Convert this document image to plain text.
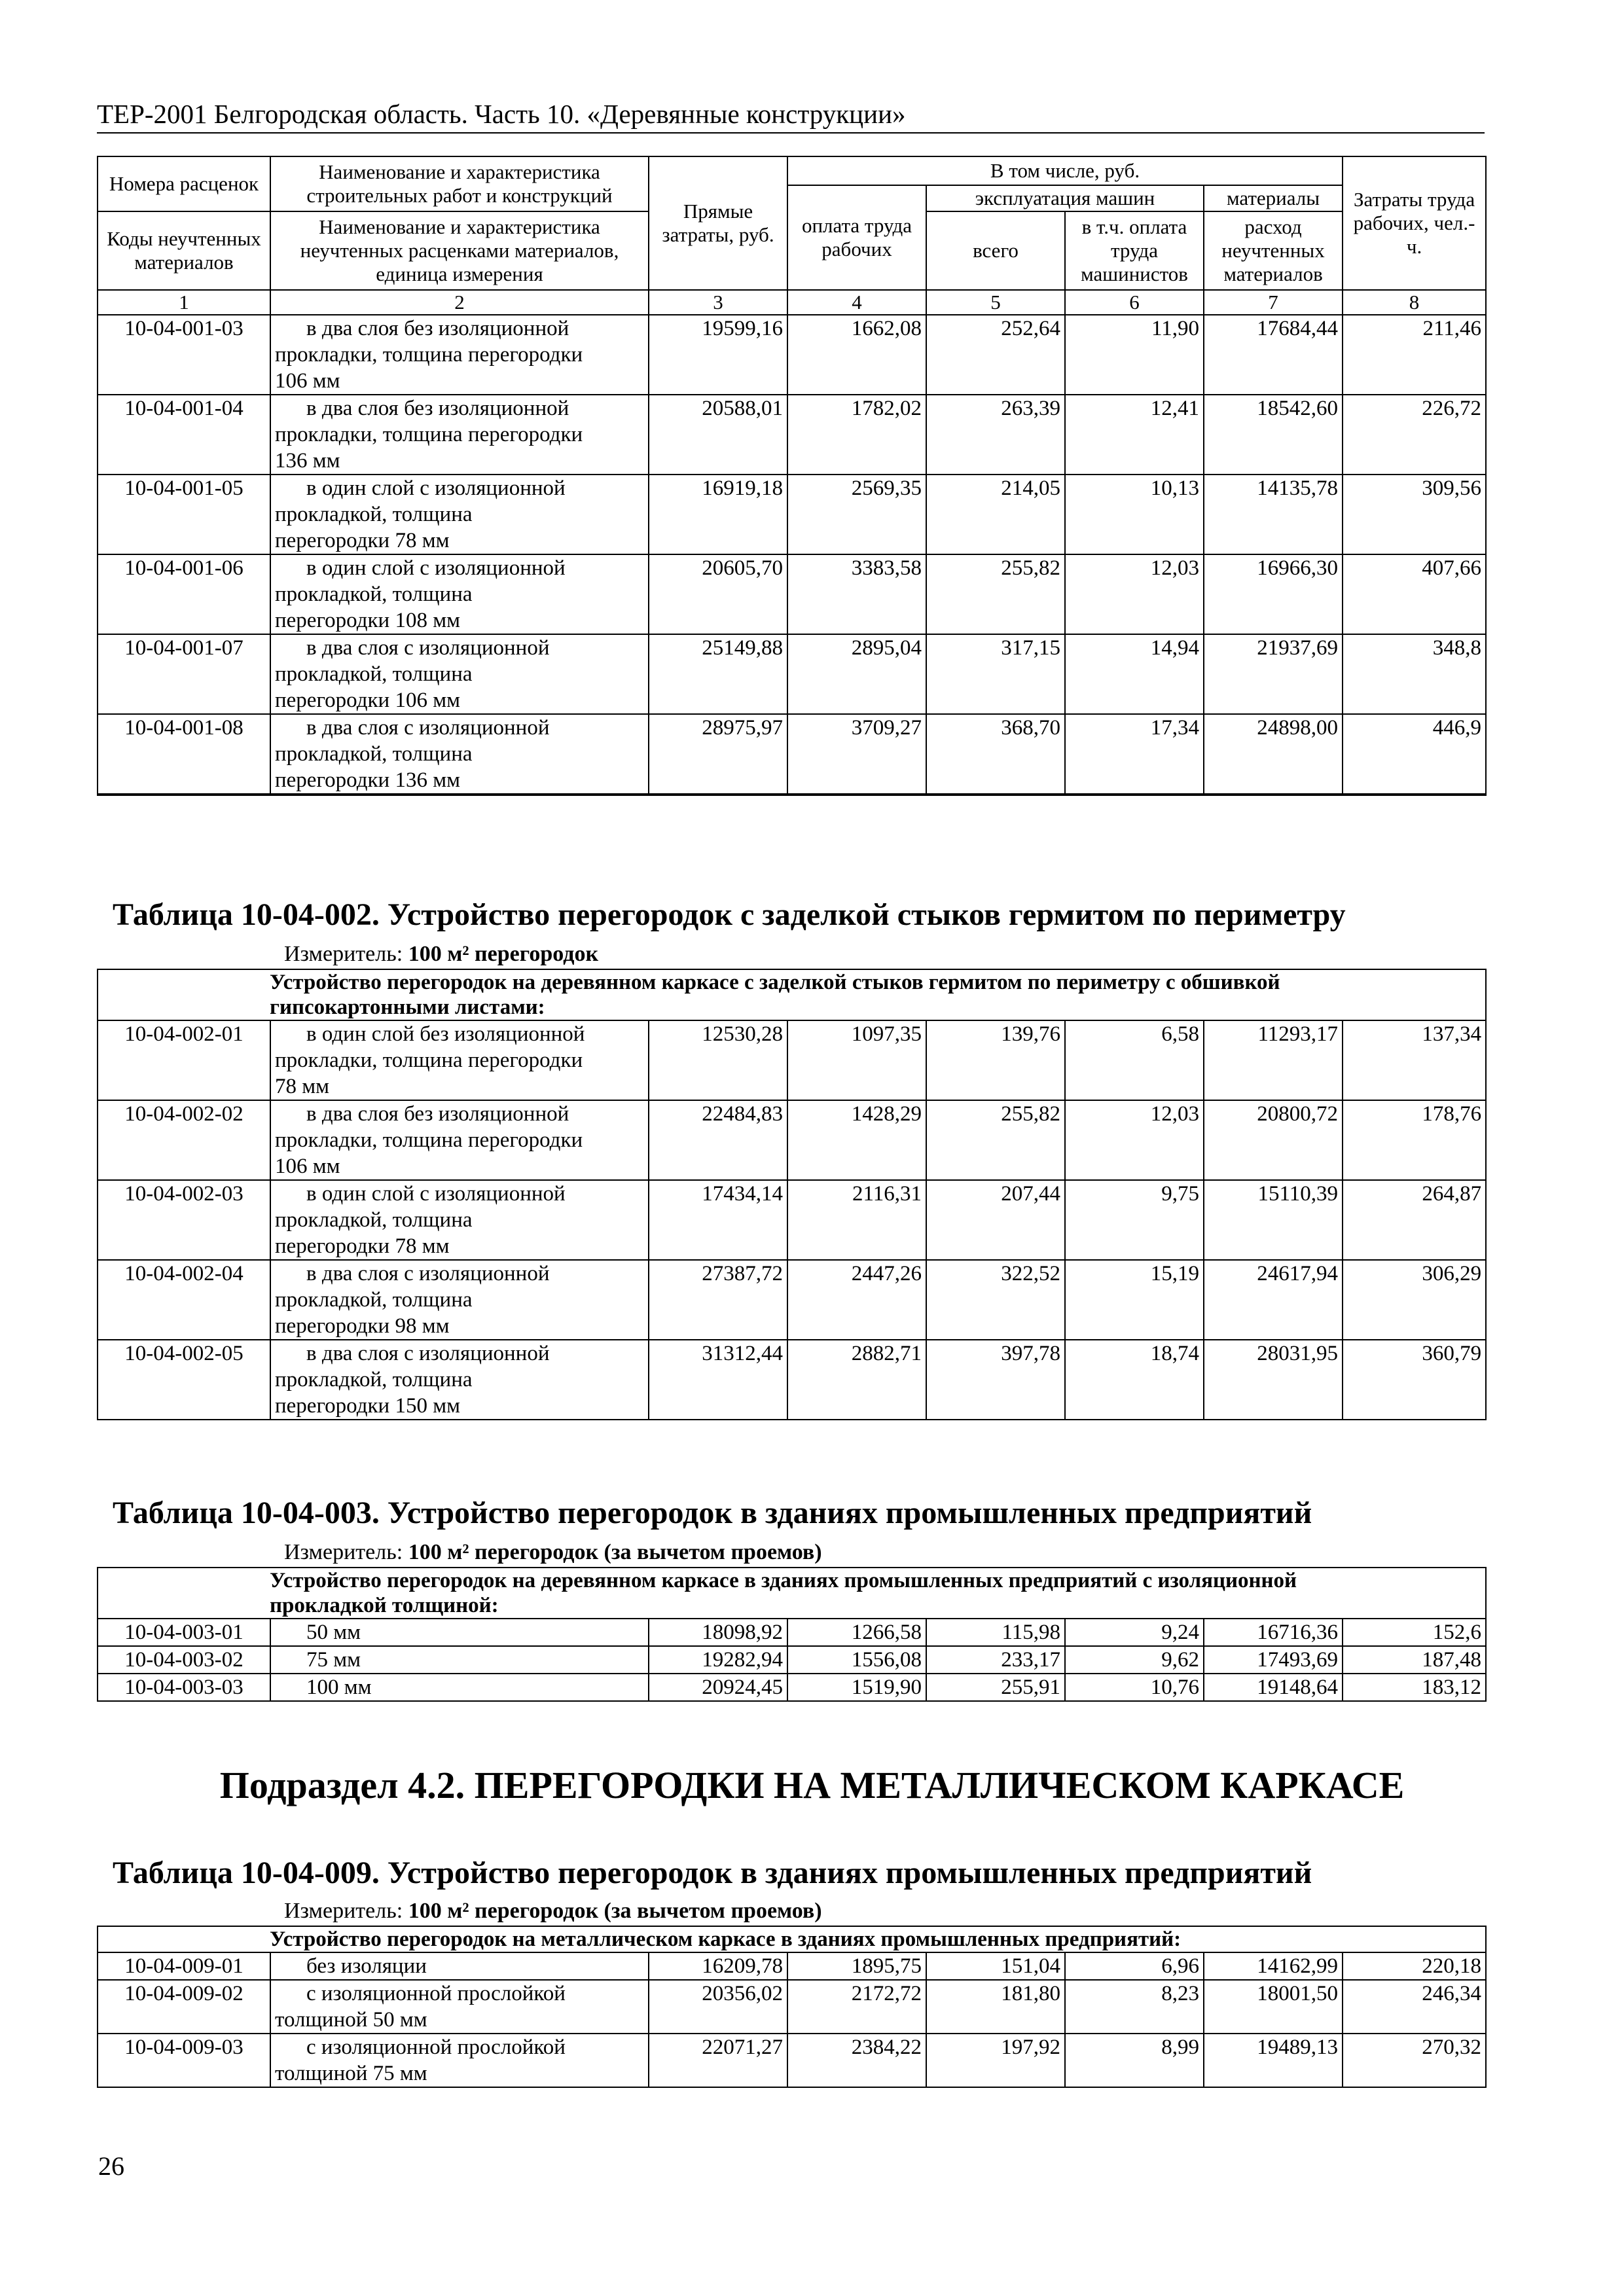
ТЕР-2001 Белгородская область. Часть 10. «Деревянные конструкции»
Номера расценок	Наименование и характеристика строительных работ и конструкций	Прямые затраты, руб.	В том числе, руб.				Затраты труда рабочих, чел.-ч.
			оплата труда рабочих	эксплуатация машин		материалы	
Коды неучтенных материалов	Наименование и характеристика неучтенных расценками материалов, единица измерения			всего	в т.ч. оплата труда машинистов	расход неучтенных материалов	

1	2	3	4	5	6	7	8
10-04-001-03	в два слоя без изоляционной
прокладки, толщина перегородки
106 мм	19599,16	1662,08	252,64	11,90	17684,44	211,46
10-04-001-04	в два слоя без изоляционной
прокладки, толщина перегородки
136 мм	20588,01	1782,02	263,39	12,41	18542,60	226,72
10-04-001-05	в один слой с изоляционной
прокладкой, толщина
перегородки 78 мм	16919,18	2569,35	214,05	10,13	14135,78	309,56
10-04-001-06	в один слой с изоляционной
прокладкой, толщина
перегородки 108 мм	20605,70	3383,58	255,82	12,03	16966,30	407,66
10-04-001-07	в два слоя с изоляционной
прокладкой, толщина
перегородки 106 мм	25149,88	2895,04	317,15	14,94	21937,69	348,8
10-04-001-08	в два слоя с изоляционной
прокладкой, толщина
перегородки 136 мм	28975,97	3709,27	368,70	17,34	24898,00	446,9

Таблица 10-04-002. Устройство перегородок с заделкой стыков гермитом по периметру
Измеритель: 100 м² перегородок
Устройство перегородок на деревянном каркасе с заделкой стыков гермитом по периметру с обшивкой
гипсокартонными листами:							
10-04-002-01	в один слой без изоляционной
прокладки, толщина перегородки
78 мм	12530,28	1097,35	139,76	6,58	11293,17	137,34
10-04-002-02	в два слоя без изоляционной
прокладки, толщина перегородки
106 мм	22484,83	1428,29	255,82	12,03	20800,72	178,76
10-04-002-03	в один слой с изоляционной
прокладкой, толщина
перегородки 78 мм	17434,14	2116,31	207,44	9,75	15110,39	264,87
10-04-002-04	в два слоя с изоляционной
прокладкой, толщина
перегородки 98 мм	27387,72	2447,26	322,52	15,19	24617,94	306,29
10-04-002-05	в два слоя с изоляционной
прокладкой, толщина
перегородки 150 мм	31312,44	2882,71	397,78	18,74	28031,95	360,79
Таблица 10-04-003. Устройство перегородок в зданиях промышленных предприятий
Измеритель: 100 м² перегородок (за вычетом проемов)
Устройство перегородок на деревянном каркасе в зданиях промышленных предприятий с изоляционной
прокладкой толщиной:							
10-04-003-01	50 мм	18098,92	1266,58	115,98	9,24	16716,36	152,6
10-04-003-02	75 мм	19282,94	1556,08	233,17	9,62	17493,69	187,48
10-04-003-03	100 мм	20924,45	1519,90	255,91	10,76	19148,64	183,12
Подраздел 4.2. ПЕРЕГОРОДКИ НА МЕТАЛЛИЧЕСКОМ КАРКАСЕ
Таблица 10-04-009. Устройство перегородок в зданиях промышленных предприятий
Измеритель: 100 м² перегородок (за вычетом проемов)
Устройство перегородок на металлическом каркасе в зданиях промышленных предприятий:							
10-04-009-01	без изоляции	16209,78	1895,75	151,04	6,96	14162,99	220,18
10-04-009-02	с изоляционной прослойкой
толщиной 50 мм	20356,02	2172,72	181,80	8,23	18001,50	246,34
10-04-009-03	с изоляционной прослойкой
толщиной 75 мм	22071,27	2384,22	197,92	8,99	19489,13	270,32
26
